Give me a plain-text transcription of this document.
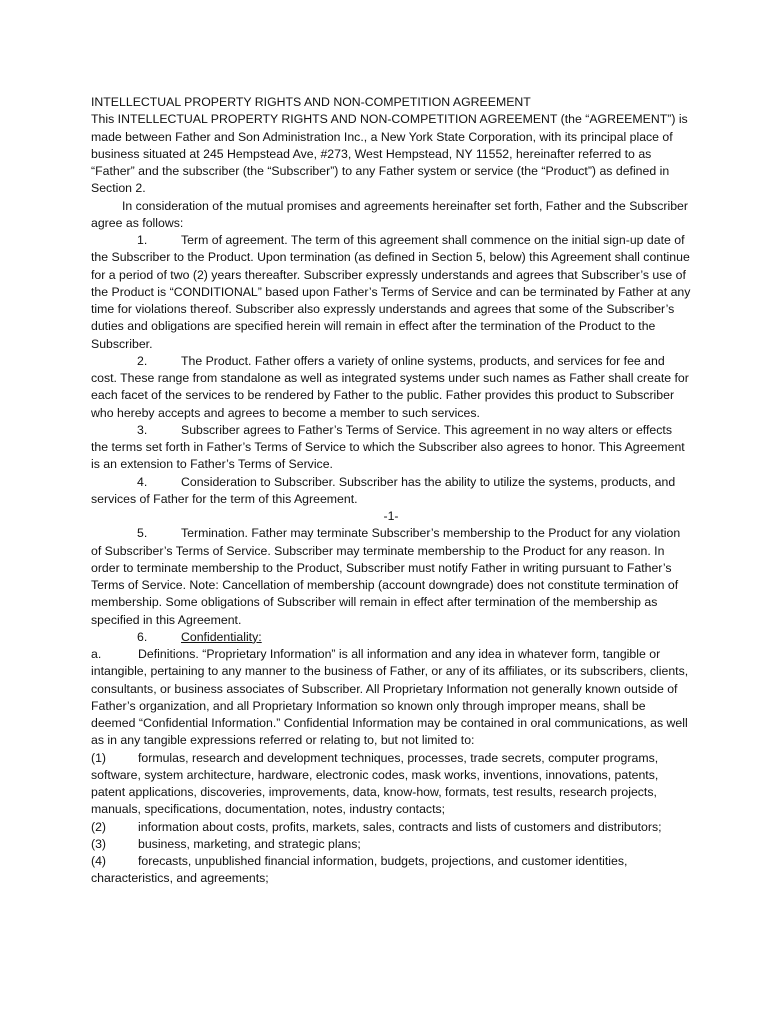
INTELLECTUAL PROPERTY RIGHTS AND NON-COMPETITION AGREEMENT

This INTELLECTUAL PROPERTY RIGHTS AND NON-COMPETITION AGREEMENT (the “AGREEMENT”) is made between Father and Son Administration Inc., a New York State Corporation, with its principal place of business situated at 245 Hempstead Ave, #273, West Hempstead, NY 11552, hereinafter referred to as “Father” and the subscriber (the “Subscriber”) to any Father system or service (the “Product”) as defined in Section 2.

In consideration of the mutual promises and agreements hereinafter set forth, Father and the Subscriber agree as follows:

1.	Term of agreement. The term of this agreement shall commence on the initial sign-up date of the Subscriber to the Product. Upon termination (as defined in Section 5, below) this Agreement shall continue for a period of two (2) years thereafter. Subscriber expressly understands and agrees that Subscriber’s use of the Product is “CONDITIONAL” based upon Father’s Terms of Service and can be terminated by Father at any time for violations thereof. Subscriber also expressly understands and agrees that some of the Subscriber’s duties and obligations are specified herein will remain in effect after the termination of the Product to the Subscriber.

2.	The Product. Father offers a variety of online systems, products, and services for fee and cost. These range from standalone as well as integrated systems under such names as Father shall create for each facet of the services to be rendered by Father to the public. Father provides this product to Subscriber who hereby accepts and agrees to become a member to such services.

3.	Subscriber agrees to Father’s Terms of Service. This agreement in no way alters or effects the terms set forth in Father’s Terms of Service to which the Subscriber also agrees to honor. This Agreement is an extension to Father’s Terms of Service.

4.	Consideration to Subscriber. Subscriber has the ability to utilize the systems, products, and services of Father for the term of this Agreement.

-1-

5.	Termination. Father may terminate Subscriber’s membership to the Product for any violation of Subscriber’s Terms of Service. Subscriber may terminate membership to the Product for any reason. In order to terminate membership to the Product, Subscriber must notify Father in writing pursuant to Father’s Terms of Service. Note: Cancellation of membership (account downgrade) does not constitute termination of membership. Some obligations of Subscriber will remain in effect after termination of the membership as specified in this Agreement.

6.	Confidentiality:

a.	Definitions. “Proprietary Information” is all information and any idea in whatever form, tangible or intangible, pertaining to any manner to the business of Father, or any of its affiliates, or its subscribers, clients, consultants, or business associates of Subscriber. All Proprietary Information not generally known outside of Father’s organization, and all Proprietary Information so known only through improper means, shall be deemed “Confidential Information.” Confidential Information may be contained in oral communications, as well as in any tangible expressions referred or relating to, but not limited to:

(1)	formulas, research and development techniques, processes, trade secrets, computer programs, software, system architecture, hardware, electronic codes, mask works, inventions, innovations, patents, patent applications, discoveries, improvements, data, know-how, formats, test results, research projects, manuals, specifications, documentation, notes, industry contacts;

(2)	information about costs, profits, markets, sales, contracts and lists of customers and distributors;

(3)	business, marketing, and strategic plans;

(4)	forecasts, unpublished financial information, budgets, projections, and customer identities, characteristics, and agreements;
